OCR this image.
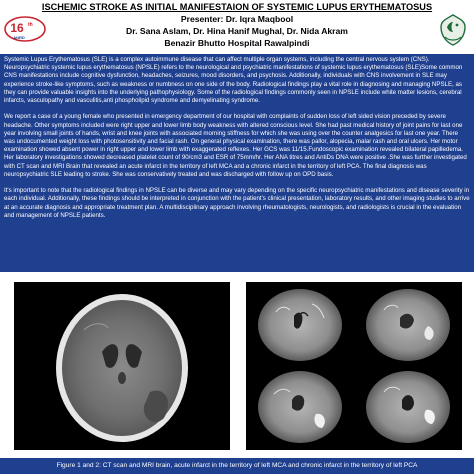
16 th
ANRD
ISCHEMIC STROKE AS INITIAL MANIFESTAION OF SYSTEMIC LUPUS ERYTHEMATOSUS
Presenter: Dr. Iqra Maqbool
Dr. Sana Aslam, Dr. Hina Hanif Mughal, Dr. Nida Akram
Benazir Bhutto Hospital Rawalpindi

Systemic Lupus Erythematosus (SLE) is a complex autoimmune disease that can affect multiple organ systems, including the central nervous system (CNS). Neuropsychiatric systemic lupus erythematosus (NPSLE) refers to the neurological and psychiatric manifestations of systemic lupus erythematosus (SLE)Some common CNS manifestations include cognitive dysfunction, headaches, seizures, mood disorders, and psychosis. Additionally, individuals with CNS involvement in SLE may experience stroke-like symptoms, such as weakness or numbness on one side of the body. Radiological findings play a vital role in diagnosing and managing NPSLE, as they can provide valuable insights into the underlying pathophysiology. Some of the radiological findings commonly seen in NPSLE include white matter lesions, cerebral infarcts, vasculopathy and vasculitis,anti phospholipid syndrome and demyelinating syndrome.

We report a case of a young female who presented in emergency department of our hospital with complaints of sudden loss of left sided vision preceded by severe headache. Other symptoms included were right upper and lower limb body weakness with altered conscious level. She had past medical history of joint pains for last one year involving small joints of hands, wrist and knee joints with associated morning stiffness for which she was using over the counter analgesics for last one year. There was undocumented weight loss with photosensitivity and facial rash. On general physical examination, there was pallor, alopecia, malar rash and oral ulcers. Her motor examination showed absent power in right upper and lower limb with exaggerated reflexes. Her GCS was 11/15.Fundoscopic examination revealed bilateral papilledema. Her laboratory investigations showed decreased platelet count of 90/cm3 and ESR of 75mm/hr. Her ANA titres and AntiDs DNA were positive .She was further investigated with CT scan and MRI Brain that revealed an acute infarct in the territory of left MCA and a chronic infarct in the territory of left PCA. The final diagnosis was neuropsychiatric SLE leading to stroke. She was conservatively treated and was discharged with follow up on OPD basis.

It's important to note that the radiological findings in NPSLE can be diverse and may vary depending on the specific neuropsychiatric manifestations and disease severity in each individual. Additionally, these findings should be interpreted in conjunction with the patient's clinical presentation, laboratory results, and other imaging studies to arrive at an accurate diagnosis and appropriate treatment plan. A multidisciplinary approach involving rheumatologists, neurologists, and radiologists is crucial in the evaluation and management of NPSLE patients.

Figure 1 and 2: CT scan and MRI brain, acute infarct in the territory of left MCA and chronic infarct in the territory of left PCA
